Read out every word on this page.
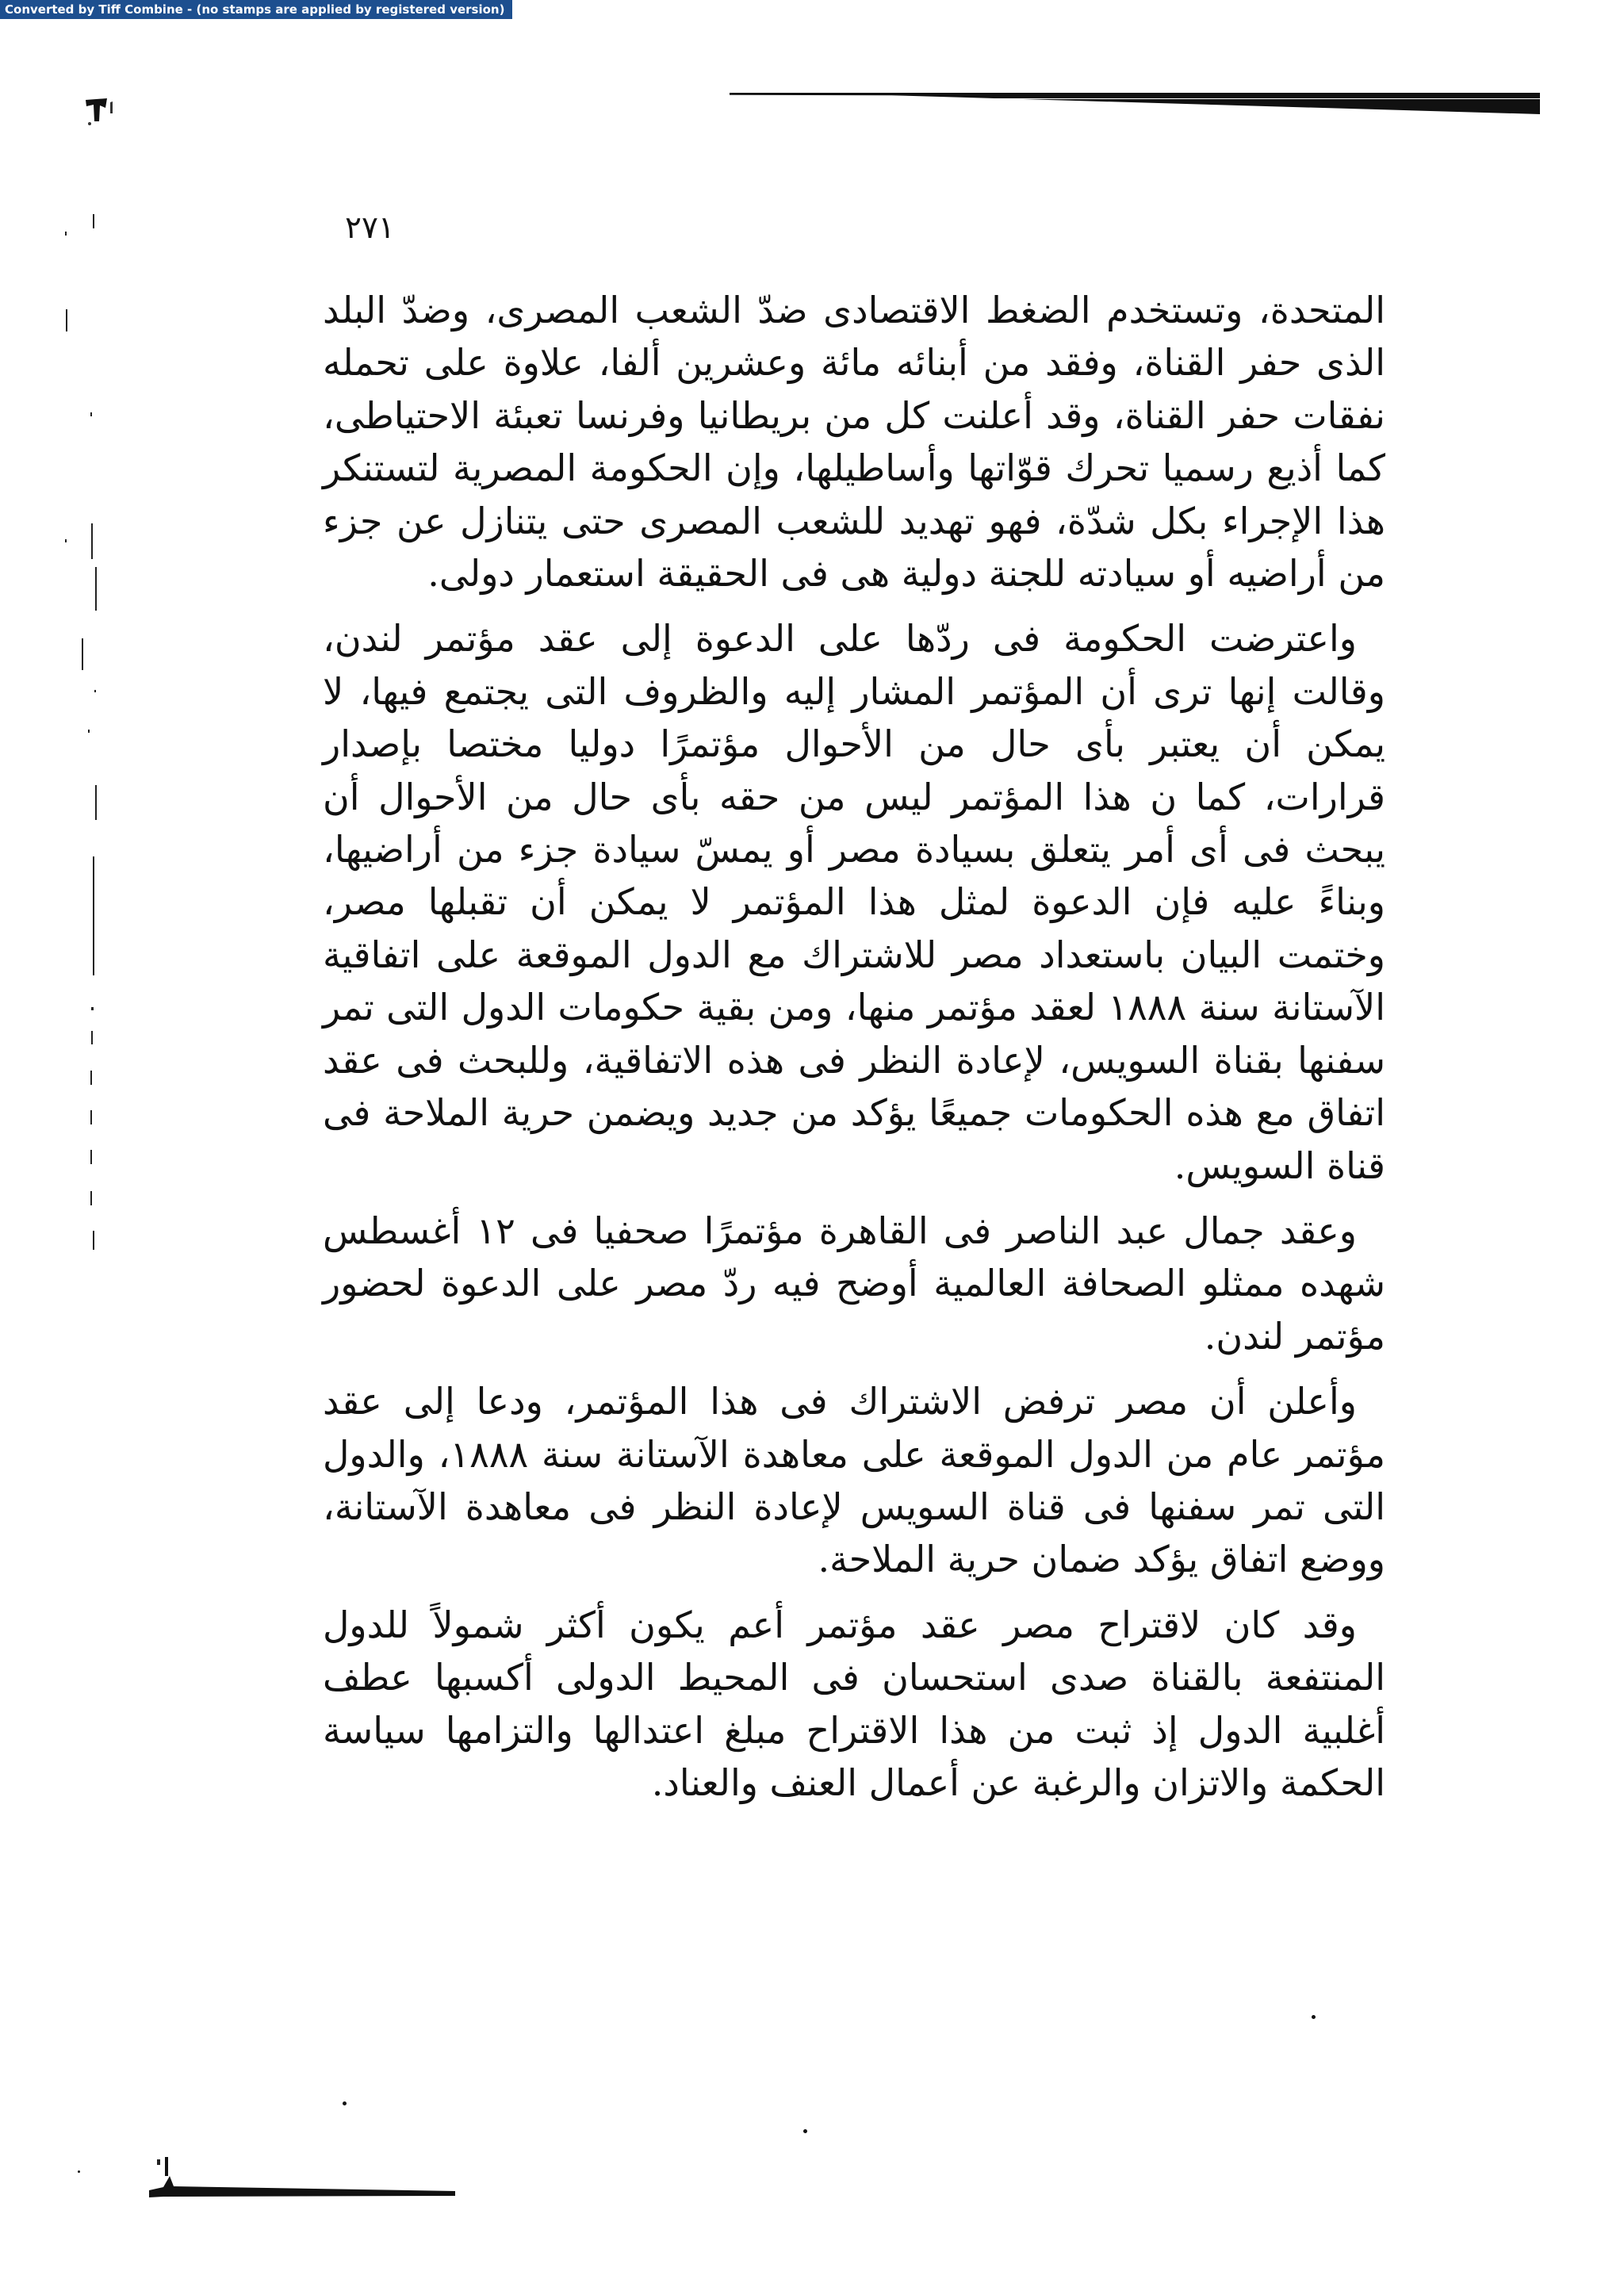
Converted by Tiff Combine - (no stamps are applied by registered version)
٢٧١

المتحدة، وتستخدم الضغط الاقتصادى ضدّ الشعب المصرى، وضدّ البلد الذى حفر القناة، وفقد من أبنائه مائة وعشرين ألفا، علاوة على تحمله نفقات حفر القناة، وقد أعلنت كل من بريطانيا وفرنسا تعبئة الاحتياطى، كما أذيع رسميا تحرك قوّاتها وأساطيلها، وإن الحكومة المصرية لتستنكر هذا الإجراء بكل شدّة، فهو تهديد للشعب المصرى حتى يتنازل عن جزء من أراضيه أو سيادته للجنة دولية هى فى الحقيقة استعمار دولى.

واعترضت الحكومة فى ردّها على الدعوة إلى عقد مؤتمر لندن، وقالت إنها ترى أن المؤتمر المشار إليه والظروف التى يجتمع فيها، لا يمكن أن يعتبر بأى حال من الأحوال مؤتمرًا دوليا مختصا بإصدار قرارات، كما ن هذا المؤتمر ليس من حقه بأى حال من الأحوال أن يبحث فى أى أمر يتعلق بسيادة مصر أو يمسّ سيادة جزء من أراضيها، وبناءً عليه فإن الدعوة لمثل هذا المؤتمر لا يمكن أن تقبلها مصر، وختمت البيان باستعداد مصر للاشتراك مع الدول الموقعة على اتفاقية الآستانة سنة ١٨٨٨ لعقد مؤتمر منها، ومن بقية حكومات الدول التى تمر سفنها بقناة السويس، لإعادة النظر فى هذه الاتفاقية، وللبحث فى عقد اتفاق مع هذه الحكومات جميعًا يؤكد من جديد ويضمن حرية الملاحة فى قناة السويس.

وعقد جمال عبد الناصر فى القاهرة مؤتمرًا صحفيا فى ١٢ أغسطس شهده ممثلو الصحافة العالمية أوضح فيه ردّ مصر على الدعوة لحضور مؤتمر لندن.

وأعلن أن مصر ترفض الاشتراك فى هذا المؤتمر، ودعا إلى عقد مؤتمر عام من الدول الموقعة على معاهدة الآستانة سنة ١٨٨٨، والدول التى تمر سفنها فى قناة السويس لإعادة النظر فى معاهدة الآستانة، ووضع اتفاق يؤكد ضمان حرية الملاحة.

وقد كان لاقتراح مصر عقد مؤتمر أعم يكون أكثر شمولاً للدول المنتفعة بالقناة صدى استحسان فى المحيط الدولى أكسبها عطف أغلبية الدول إذ ثبت من هذا الاقتراح مبلغ اعتدالها والتزامها سياسة الحكمة والاتزان والرغبة عن أعمال العنف والعناد.
